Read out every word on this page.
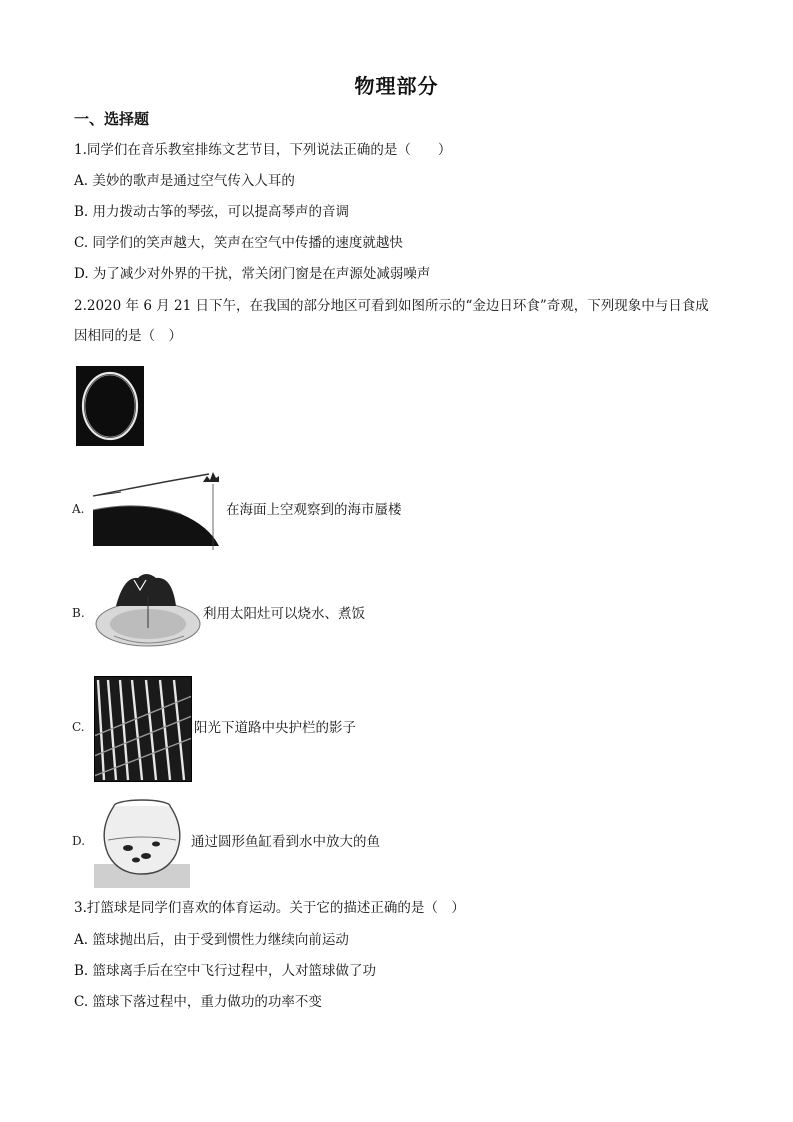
物理部分
一、选择题
1.同学们在音乐教室排练文艺节目，下列说法正确的是（　　）
A. 美妙的歌声是通过空气传入人耳的
B. 用力拨动古筝的琴弦，可以提高琴声的音调
C. 同学们的笑声越大，笑声在空气中传播的速度就越快
D. 为了减少对外界的干扰，常关闭门窗是在声源处减弱噪声
2.2020 年 6 月 21 日下午，在我国的部分地区可看到如图所示的“金边日环食”奇观，下列现象中与日食成
因相同的是（　）
A.	在海面上空观察到的海市蜃楼
B.	利用太阳灶可以烧水、煮饭
C.	阳光下道路中央护栏的影子
D.	通过圆形鱼缸看到水中放大的鱼
3.打篮球是同学们喜欢的体育运动。关于它的描述正确的是（　）
A. 篮球抛出后，由于受到惯性力继续向前运动
B. 篮球离手后在空中飞行过程中，人对篮球做了功
C. 篮球下落过程中，重力做功的功率不变
